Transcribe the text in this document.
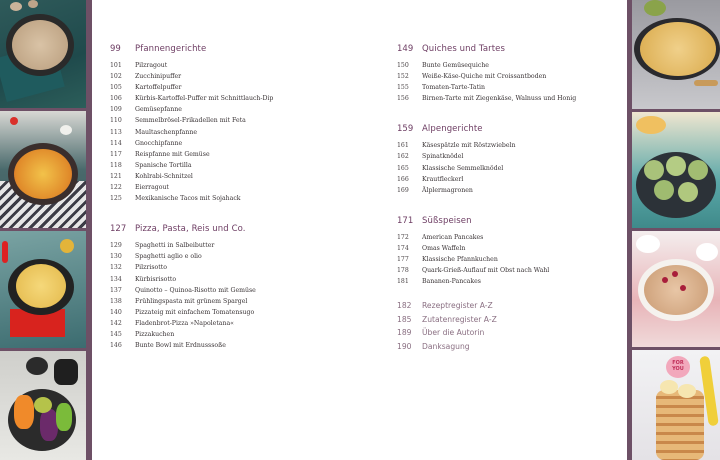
FOR YOU
99	Pfannengerichte
101	Pilzragout
102	Zucchinipuffer
105	Kartoffelpuffer
106	Kürbis-Kartoffel-Puffer mit Schnittlauch-Dip
109	Gemüsepfanne
110	Semmelbrösel-Frikadellen mit Feta
113	Maultaschenpfanne
114	Gnocchipfanne
117	Reispfanne mit Gemüse
118	Spanische Tortilla
121	Kohlrabi-Schnitzel
122	Eierragout
125	Mexikanische Tacos mit Sojahack
127	Pizza, Pasta, Reis und Co.
129	Spaghetti in Salbeibutter
130	Spaghetti aglio e olio
132	Pilzrisotto
134	Kürbisrisotto
137	Quinotto – Quinoa-Risotto mit Gemüse
138	Frühlingspasta mit grünem Spargel
140	Pizzateig mit einfachem Tomatensugo
142	Fladenbrot-Pizza »Napoletana«
145	Pizzakuchen
146	Bunte Bowl mit Erdnusssoße
149	Quiches und Tartes
150	Bunte Gemüsequiche
152	Weiße-Käse-Quiche mit Croissantboden
155	Tomaten-Tarte-Tatin
156	Birnen-Tarte mit Ziegenkäse, Walnuss und Honig
159	Alpengerichte
161	Käsespätzle mit Röstzwiebeln
162	Spinatknödel
165	Klassische Semmelknödel
166	Krautfleckerl
169	Älplermagronen
171	Süßspeisen
172	American Pancakes
174	Omas Waffeln
177	Klassische Pfannkuchen
178	Quark-Grieß-Auflauf mit Obst nach Wahl
181	Bananen-Pancakes
182	Rezeptregister A-Z
185	Zutatenregister A-Z
189	Über die Autorin
190	Danksagung
